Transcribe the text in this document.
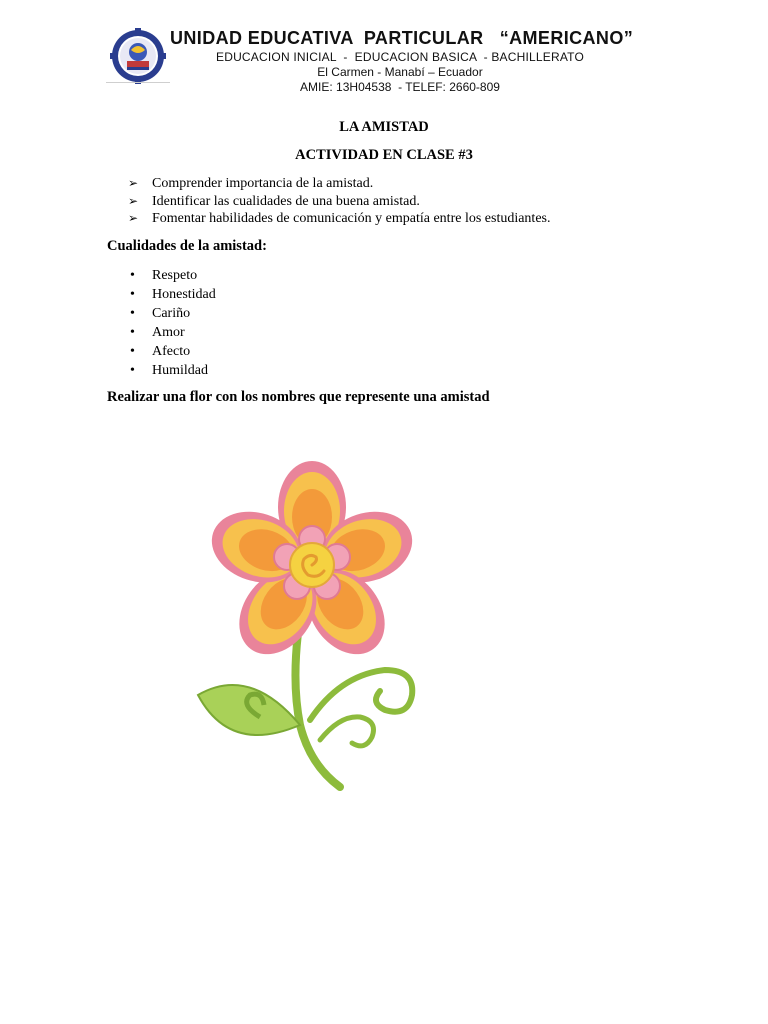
UNIDAD EDUCATIVA  PARTICULAR   “AMERICANO”
EDUCACION INICIAL  -  EDUCACION BASICA  - BACHILLERATO
El Carmen - Manabí – Ecuador
AMIE: 13H04538  - TELEF: 2660-809
LA AMISTAD
ACTIVIDAD EN CLASE #3
➢ Comprender importancia de la amistad.
➢ Identificar las cualidades de una buena amistad.
➢ Fomentar habilidades de comunicación y empatía entre los estudiantes.
Cualidades de la amistad:
• Respeto
• Honestidad
• Cariño
• Amor
• Afecto
• Humildad
Realizar una flor con los nombres que represente una amistad
